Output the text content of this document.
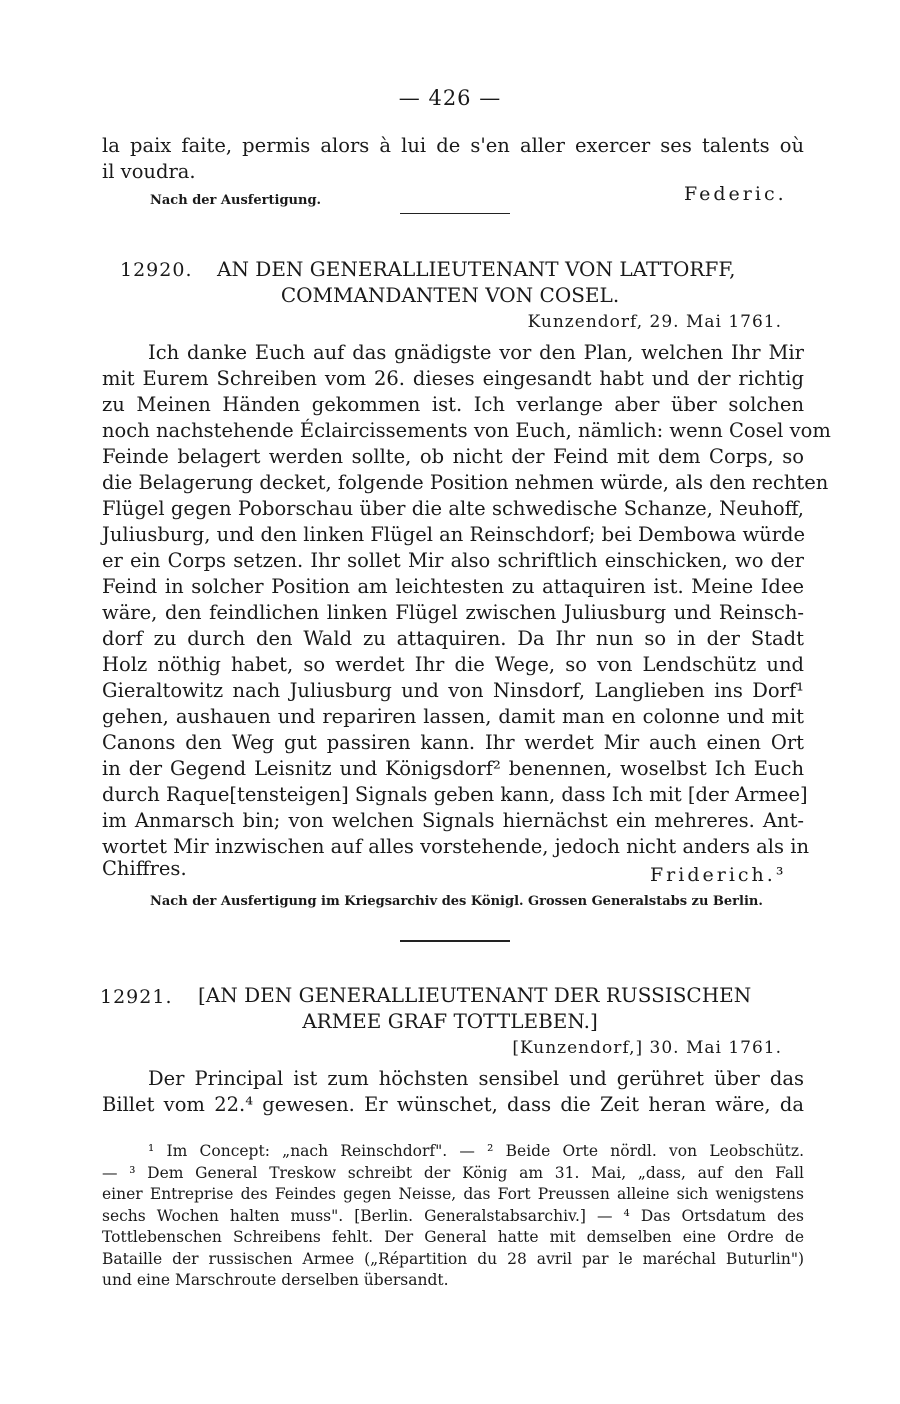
— 426 —
la paix faite, permis alors à lui de s'en aller exercer ses talents où
il voudra.
Nach der Ausfertigung.	Federic.
12920. AN DEN GENERALLIEUTENANT VON LATTORFF,
COMMANDANTEN VON COSEL.
Kunzendorf, 29. Mai 1761.
Ich danke Euch auf das gnädigste vor den Plan, welchen Ihr Mir
mit Eurem Schreiben vom 26. dieses eingesandt habt und der richtig
zu Meinen Händen gekommen ist. Ich verlange aber über solchen
noch nachstehende Éclaircissements von Euch, nämlich: wenn Cosel vom
Feinde belagert werden sollte, ob nicht der Feind mit dem Corps, so
die Belagerung decket, folgende Position nehmen würde, als den rechten
Flügel gegen Poborschau über die alte schwedische Schanze, Neuhoff,
Juliusburg, und den linken Flügel an Reinschdorf; bei Dembowa würde
er ein Corps setzen. Ihr sollet Mir also schriftlich einschicken, wo der
Feind in solcher Position am leichtesten zu attaquiren ist. Meine Idee
wäre, den feindlichen linken Flügel zwischen Juliusburg und Reinsch-
dorf zu durch den Wald zu attaquiren. Da Ihr nun so in der Stadt
Holz nöthig habet, so werdet Ihr die Wege, so von Lendschütz und
Gieraltowitz nach Juliusburg und von Ninsdorf, Langlieben ins Dorf¹
gehen, aushauen und repariren lassen, damit man en colonne und mit
Canons den Weg gut passiren kann. Ihr werdet Mir auch einen Ort
in der Gegend Leisnitz und Königsdorf² benennen, woselbst Ich Euch
durch Raque[tensteigen] Signals geben kann, dass Ich mit [der Armee]
im Anmarsch bin; von welchen Signals hiernächst ein mehreres. Ant-
wortet Mir inzwischen auf alles vorstehende, jedoch nicht anders als in
Chiffres.	Friderich.³
Nach der Ausfertigung im Kriegsarchiv des Königl. Grossen Generalstabs zu Berlin.
12921. [AN DEN GENERALLIEUTENANT DER RUSSISCHEN
ARMEE GRAF TOTTLEBEN.]
[Kunzendorf,] 30. Mai 1761.
Der Principal ist zum höchsten sensibel und gerühret über das
Billet vom 22.⁴ gewesen. Er wünschet, dass die Zeit heran wäre, da
¹ Im Concept: „nach Reinschdorf". — ² Beide Orte nördl. von Leobschütz.
— ³ Dem General Treskow schreibt der König am 31. Mai, „dass, auf den Fall
einer Entreprise des Feindes gegen Neisse, das Fort Preussen alleine sich wenigstens
sechs Wochen halten muss". [Berlin. Generalstabsarchiv.] — ⁴ Das Ortsdatum des
Tottlebenschen Schreibens fehlt. Der General hatte mit demselben eine Ordre de
Bataille der russischen Armee („Répartition du 28 avril par le maréchal Buturlin")
und eine Marschroute derselben übersandt.
